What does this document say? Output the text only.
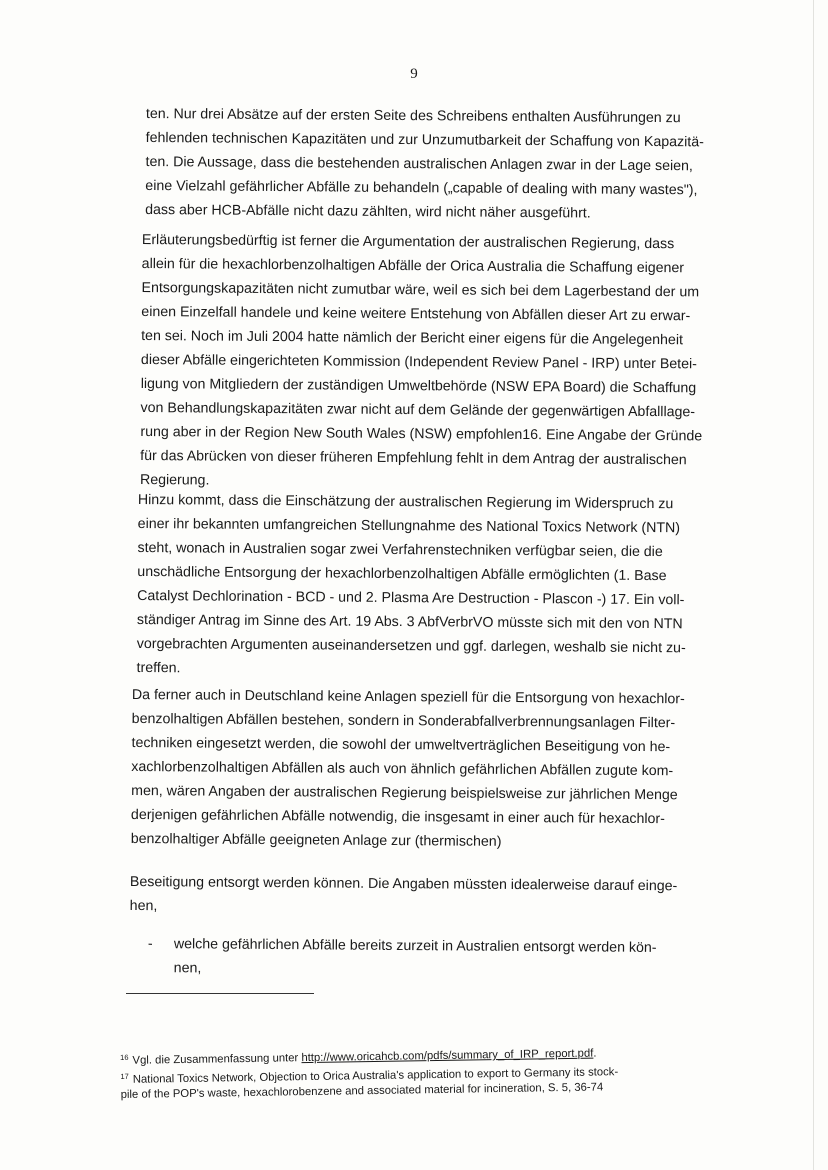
9
ten. Nur drei Absätze auf der ersten Seite des Schreibens enthalten Ausführungen zu
fehlenden technischen Kapazitäten und zur Unzumutbarkeit der Schaffung von Kapazitä-
ten. Die Aussage, dass die bestehenden australischen Anlagen zwar in der Lage seien,
eine Vielzahl gefährlicher Abfälle zu behandeln („capable of dealing with many wastes"),
dass aber HCB-Abfälle nicht dazu zählten, wird nicht näher ausgeführt.
Erläuterungsbedürftig ist ferner die Argumentation der australischen Regierung, dass
allein für die hexachlorbenzolhaltigen Abfälle der Orica Australia die Schaffung eigener
Entsorgungskapazitäten nicht zumutbar wäre, weil es sich bei dem Lagerbestand der um
einen Einzelfall handele und keine weitere Entstehung von Abfällen dieser Art zu erwar-
ten sei. Noch im Juli 2004 hatte nämlich der Bericht einer eigens für die Angelegenheit
dieser Abfälle eingerichteten Kommission (Independent Review Panel - IRP) unter Betei-
ligung von Mitgliedern der zuständigen Umweltbehörde (NSW EPA Board) die Schaffung
von Behandlungskapazitäten zwar nicht auf dem Gelände der gegenwärtigen Abfalllage-
rung aber in der Region New South Wales (NSW) empfohlen16. Eine Angabe der Gründe
für das Abrücken von dieser früheren Empfehlung fehlt in dem Antrag der australischen
Regierung.
Hinzu kommt, dass die Einschätzung der australischen Regierung im Widerspruch zu
einer ihr bekannten umfangreichen Stellungnahme des National Toxics Network (NTN)
steht, wonach in Australien sogar zwei Verfahrenstechniken verfügbar seien, die die
unschädliche Entsorgung der hexachlorbenzolhaltigen Abfälle ermöglichten (1. Base
Catalyst Dechlorination - BCD - und 2. Plasma Are Destruction - Plascon -) 17. Ein voll-
ständiger Antrag im Sinne des Art. 19 Abs. 3 AbfVerbrVO müsste sich mit den von NTN
vorgebrachten Argumenten auseinandersetzen und ggf. darlegen, weshalb sie nicht zu-
treffen.
Da ferner auch in Deutschland keine Anlagen speziell für die Entsorgung von hexachlor-
benzolhaltigen Abfällen bestehen, sondern in Sonderabfallverbrennungsanlagen Filter-
techniken eingesetzt werden, die sowohl der umweltverträglichen Beseitigung von he-
xachlorbenzolhaltigen Abfällen als auch von ähnlich gefährlichen Abfällen zugute kom-
men, wären Angaben der australischen Regierung beispielsweise zur jährlichen Menge
derjenigen gefährlichen Abfälle notwendig, die insgesamt in einer auch für hexachlor-
benzolhaltiger Abfälle geeigneten Anlage zur (thermischen)
Beseitigung entsorgt werden können. Die Angaben müssten idealerweise darauf einge-
hen,
- welche gefährlichen Abfälle bereits zurzeit in Australien entsorgt werden kön-
nen,
$^{16}$ Vgl. die Zusammenfassung unter http://www.oricahcb.com/pdfs/summary_of_IRP_report.pdf.
$^{17}$ National Toxics Network, Objection to Orica Australia's application to export to Germany its stock-
pile of the POP's waste, hexachlorobenzene and associated material for incineration, S. 5, 36-74
